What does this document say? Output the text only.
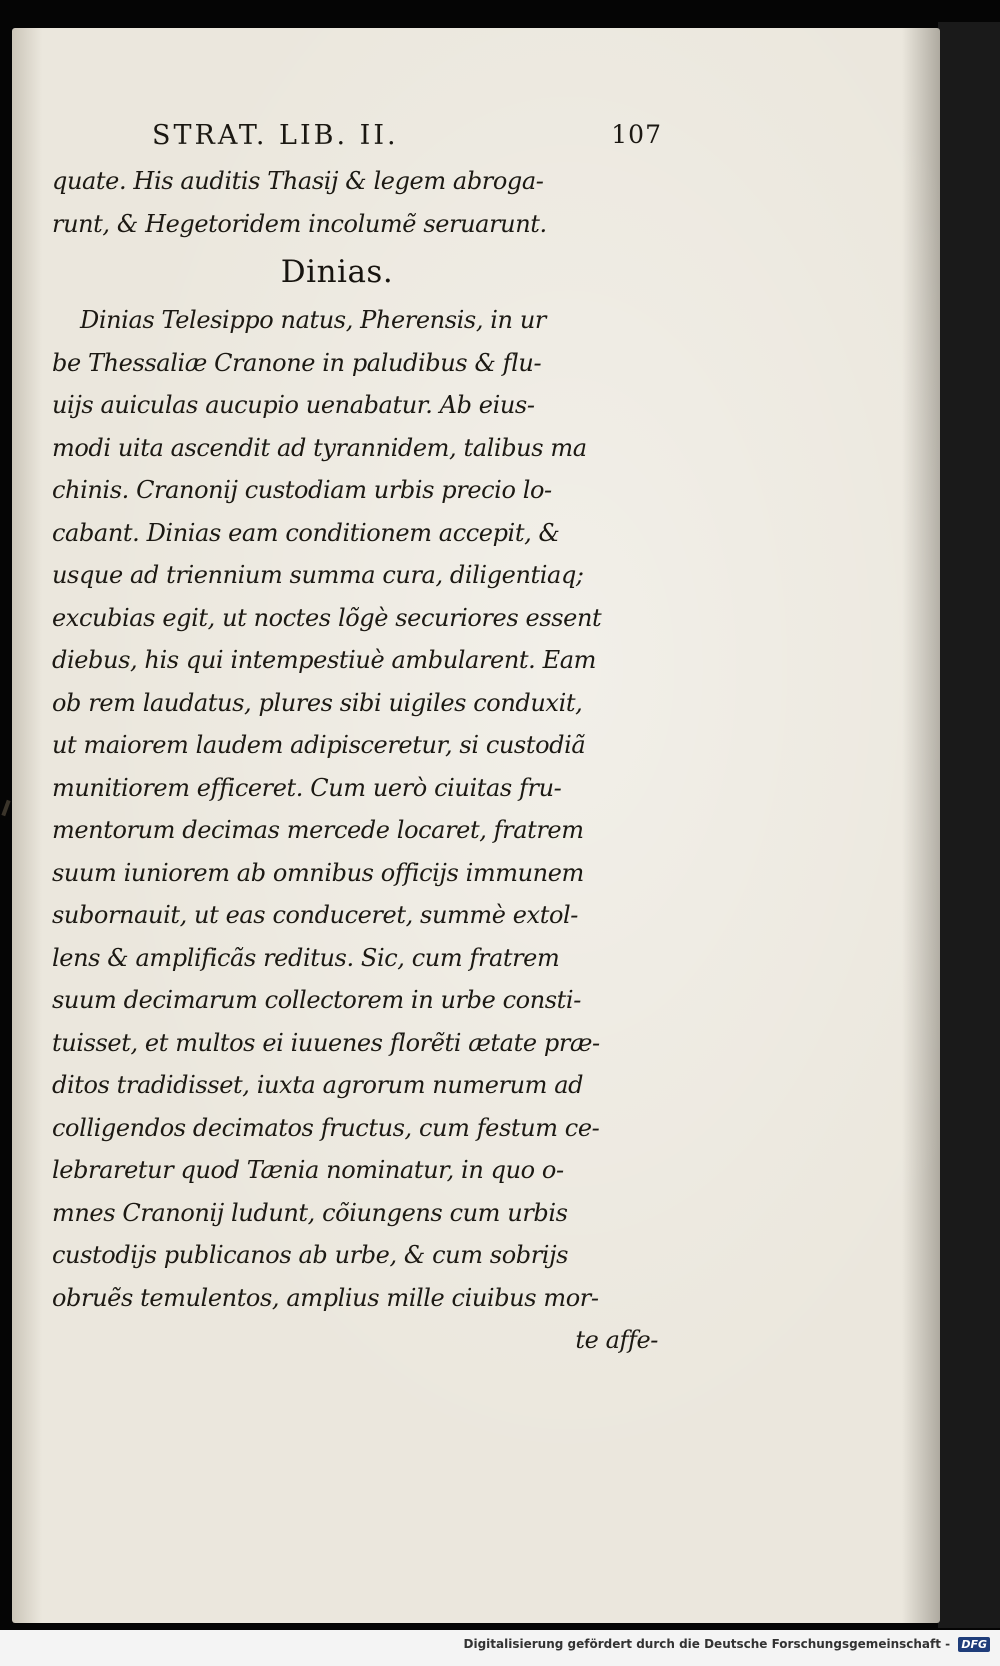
STRAT. LIB. II.	107
quate. His auditis Thasij & legem abroga-
runt, & Hegetoridem incolumẽ seruarunt.
Dinias.
Dinias Telesippo natus, Pherensis, in ur
be Thessaliæ Cranone in paludibus & flu-
uijs auiculas aucupio uenabatur. Ab eius-
modi uita ascendit ad tyrannidem, talibus ma
chinis. Cranonij custodiam urbis precio lo-
cabant. Dinias eam conditionem accepit, &
usque ad triennium summa cura, diligentiaq;
excubias egit, ut noctes lõgè securiores essent
diebus, his qui intempestiuè ambularent. Eam
ob rem laudatus, plures sibi uigiles conduxit,
ut maiorem laudem adipisceretur, si custodiã
munitiorem efficeret. Cum uerò ciuitas fru-
mentorum decimas mercede locaret, fratrem
suum iuniorem ab omnibus officijs immunem
subornauit, ut eas conduceret, summè extol-
lens & amplificãs reditus. Sic, cum fratrem
suum decimarum collectorem in urbe consti-
tuisset, et multos ei iuuenes florẽti ætate præ-
ditos tradidisset, iuxta agrorum numerum ad
colligendos decimatos fructus, cum festum ce-
lebraretur quod Tænia nominatur, in quo o-
mnes Cranonij ludunt, cõiungens cum urbis
custodijs publicanos ab urbe, & cum sobrijs
obruẽs temulentos, amplius mille ciuibus mor-
te affe-
Digitalisierung gefördert durch die Deutsche Forschungsgemeinschaft - DFG
